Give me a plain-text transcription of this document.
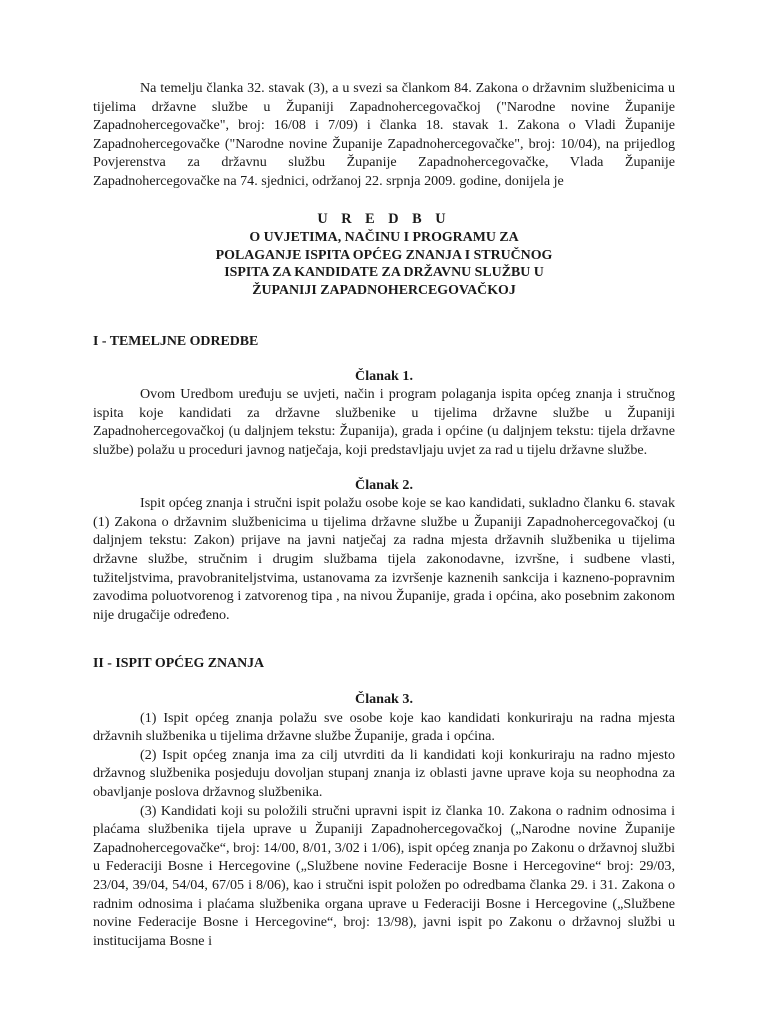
Na temelju članka 32. stavak (3), a u svezi sa člankom 84. Zakona o državnim službenicima u tijelima državne službe u Županiji Zapadnohercegovačkoj ("Narodne novine Županije Zapadnohercegovačke", broj: 16/08 i 7/09) i članka 18. stavak 1. Zakona o Vladi Županije Zapadnohercegovačke ("Narodne novine Županije Zapadnohercegovačke", broj: 10/04), na prijedlog Povjerenstva za državnu službu Županije Zapadnohercegovačke, Vlada Županije Zapadnohercegovačke na 74. sjednici, održanoj 22. srpnja 2009. godine, donijela je

U R E D B U
O UVJETIMA, NAČINU I PROGRAMU ZA
POLAGANJE ISPITA OPĆEG ZNANJA I STRUČNOG
ISPITA ZA KANDIDATE ZA DRŽAVNU SLUŽBU U
ŽUPANIJI ZAPADNOHERCEGOVAČKOJ

I - TEMELJNE ODREDBE

Članak 1.

Ovom Uredbom uređuju se uvjeti, način i program polaganja ispita općeg znanja i stručnog ispita koje kandidati za državne službenike u tijelima državne službe u Županiji Zapadnohercegovačkoj (u daljnjem tekstu: Županija), grada i općine (u daljnjem tekstu: tijela državne službe) polažu u proceduri javnog natječaja, koji predstavljaju uvjet za rad u tijelu državne službe.

Članak 2.

Ispit općeg znanja i stručni ispit polažu osobe koje se kao kandidati, sukladno članku 6. stavak (1) Zakona o državnim službenicima u tijelima državne službe u Županiji Zapadnohercegovačkoj (u daljnjem tekstu: Zakon) prijave na javni natječaj za radna mjesta državnih službenika u tijelima državne službe, stručnim i drugim službama tijela zakonodavne, izvršne, i sudbene vlasti, tužiteljstvima, pravobraniteljstvima, ustanovama za izvršenje kaznenih sankcija i kazneno-popravnim zavodima poluotvorenog i zatvorenog tipa , na nivou Županije, grada i općina, ako posebnim zakonom nije drugačije određeno.

II - ISPIT OPĆEG ZNANJA

Članak 3.

(1) Ispit općeg znanja polažu sve osobe koje kao kandidati konkuriraju na radna mjesta državnih službenika u tijelima državne službe Županije, grada i općina.

(2) Ispit općeg znanja ima za cilj utvrditi da li kandidati koji konkuriraju na radno mjesto državnog službenika posjeduju dovoljan stupanj znanja iz oblasti javne uprave koja su neophodna za obavljanje poslova državnog službenika.

(3) Kandidati koji su položili stručni upravni ispit iz članka 10. Zakona o radnim odnosima i plaćama službenika tijela uprave u Županiji Zapadnohercegovačkoj („Narodne novine Županije Zapadnohercegovačke“, broj: 14/00, 8/01, 3/02 i 1/06), ispit općeg znanja po Zakonu o državnoj službi u Federaciji Bosne i Hercegovine („Službene novine Federacije Bosne i Hercegovine“ broj: 29/03, 23/04, 39/04, 54/04, 67/05 i 8/06), kao i stručni ispit položen po odredbama članka 29. i 31. Zakona o radnim odnosima i plaćama službenika organa uprave u Federaciji Bosne i Hercegovine („Službene novine Federacije Bosne i Hercegovine“, broj: 13/98), javni ispit po Zakonu o državnoj službi u institucijama Bosne i
